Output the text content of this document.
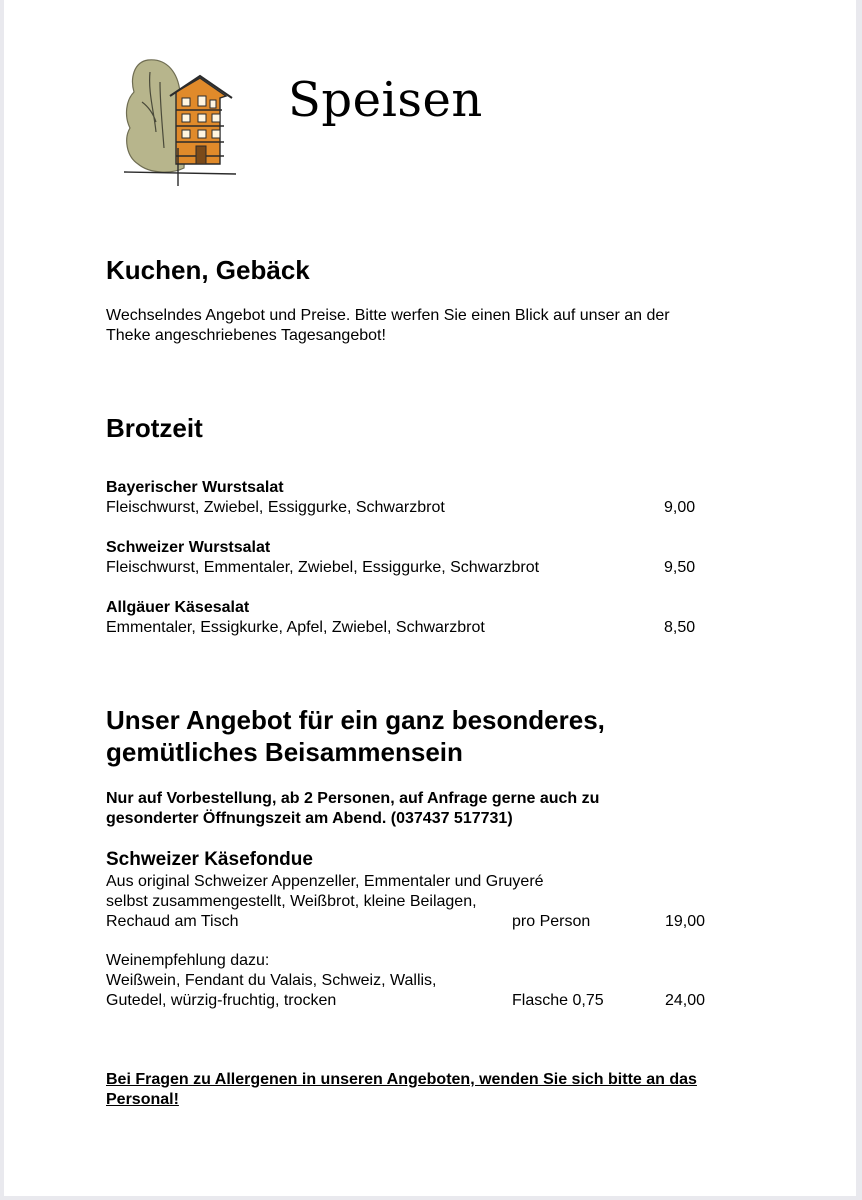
Speisen
Kuchen, Gebäck

Wechselndes Angebot und Preise. Bitte werfen Sie einen Blick auf unser an der

Theke angeschriebenes Tagesangebot!

Brotzeit
Bayerischer Wurstsalat
Fleischwurst, Zwiebel, Essiggurke, Schwarzbrot	9,00
Schweizer Wurstsalat
Fleischwurst, Emmentaler, Zwiebel, Essiggurke, Schwarzbrot	9,50
Allgäuer Käsesalat
Emmentaler, Essigkurke, Apfel, Zwiebel, Schwarzbrot	8,50
Unser Angebot für ein ganz besonderes,
gemütliches Beisammensein

Nur auf Vorbestellung, ab 2 Personen, auf Anfrage gerne auch zu

gesonderter Öffnungszeit am Abend. (037437 517731)

Schweizer Käsefondue

Aus original Schweizer Appenzeller, Emmentaler und Gruyeré

selbst zusammengestellt, Weißbrot, kleine Beilagen,

Rechaud am Tisch	pro Person	19,00

Weinempfehlung dazu:

Weißwein, Fendant du Valais, Schweiz, Wallis,

Gutedel, würzig-fruchtig, trocken	Flasche 0,75	24,00

Bei Fragen zu Allergenen in unseren Angeboten, wenden Sie sich bitte an das

Personal!
